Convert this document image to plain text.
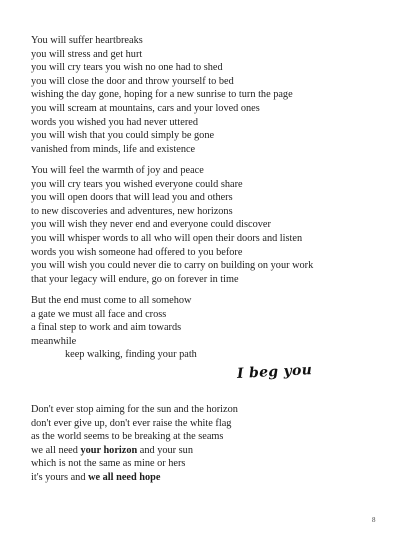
You will suffer heartbreaks
you will stress and get hurt
you will cry tears you wish no one had to shed
you will close the door and throw yourself to bed
wishing the day gone, hoping for a new sunrise to turn the page
you will scream at mountains, cars and your loved ones
words you wished you had never uttered
you will wish that you could simply be gone
vanished from minds, life and existence
You will feel the warmth of joy and peace
you will cry tears you wished everyone could share
you will open doors that will lead you and others
to new discoveries and adventures, new horizons
you will wish they never end and everyone could discover
you will whisper words to all who will open their doors and listen
words you wish someone had offered to you before
you will wish you could never die to carry on building on your work
that your legacy will endure, go on forever in time
But the end must come to all somehow
a gate we must all face and cross
a final step to work and aim towards
meanwhile
keep walking, finding your path
I beg you
Don't ever stop aiming for the sun and the horizon
don't ever give up, don't ever raise the white flag
as the world seems to be breaking at the seams
we all need your horizon and your sun
which is not the same as mine or hers
it's yours and we all need hope
8
